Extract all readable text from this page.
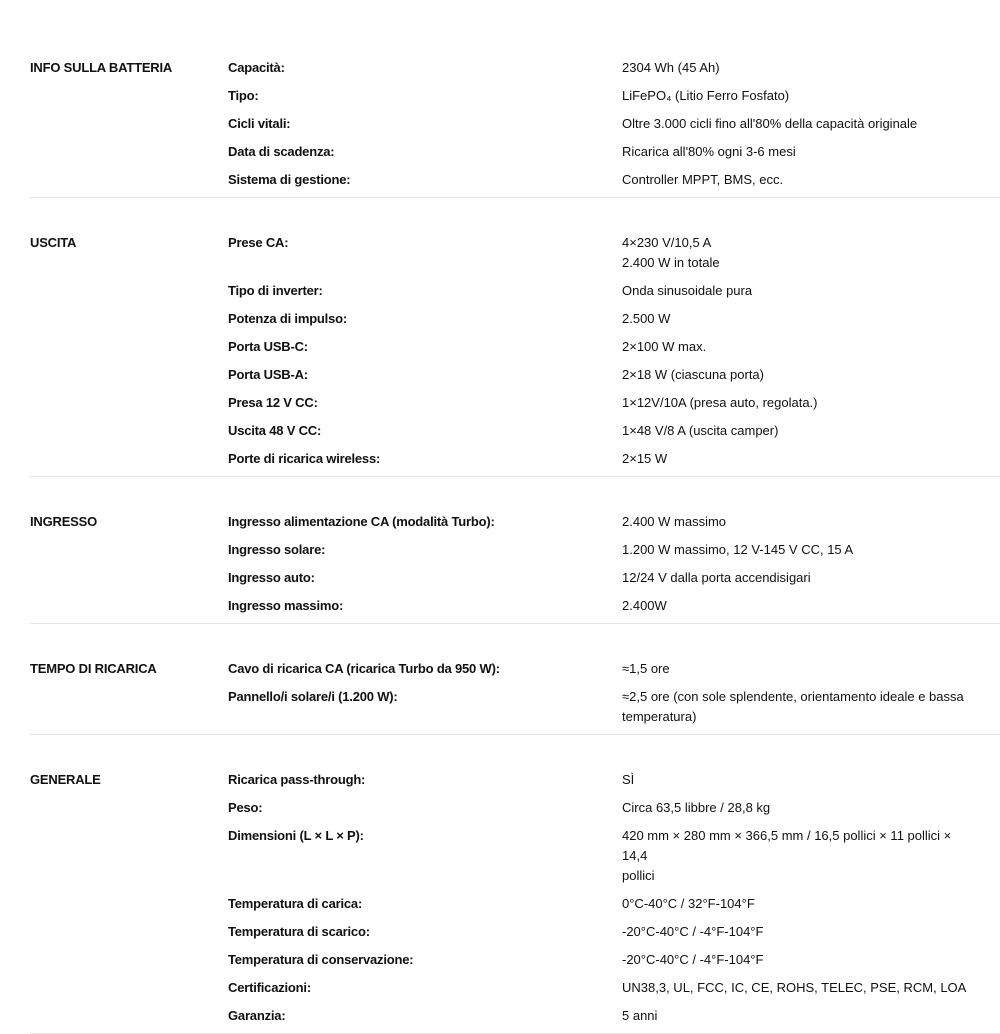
INFO SULLA BATTERIA	Capacità:	2304 Wh (45 Ah)
Tipo:	LiFePO₄ (Litio Ferro Fosfato)
Cicli vitali:	Oltre 3.000 cicli fino all'80% della capacità originale
Data di scadenza:	Ricarica all'80% ogni 3-6 mesi
Sistema di gestione:	Controller MPPT, BMS, ecc.
USCITA	Prese CA:	4×230 V/10,5 A
2.400 W in totale
Tipo di inverter:	Onda sinusoidale pura
Potenza di impulso:	2.500 W
Porta USB-C:	2×100 W max.
Porta USB-A:	2×18 W (ciascuna porta)
Presa 12 V CC:	1×12V/10A (presa auto, regolata.)
Uscita 48 V CC:	1×48 V/8 A (uscita camper)
Porte di ricarica wireless:	2×15 W
INGRESSO	Ingresso alimentazione CA (modalità Turbo):	2.400 W massimo
Ingresso solare:	1.200 W massimo, 12 V-145 V CC, 15 A
Ingresso auto:	12/24 V dalla porta accendisigari
Ingresso massimo:	2.400W
TEMPO DI RICARICA	Cavo di ricarica CA (ricarica Turbo da 950 W):	≈1,5 ore
Pannello/i solare/i (1.200 W):	≈2,5 ore (con sole splendente, orientamento ideale e bassa
temperatura)
GENERALE	Ricarica pass-through:	SÌ
Peso:	Circa 63,5 libbre / 28,8 kg
Dimensioni (L × L × P):	420 mm × 280 mm × 366,5 mm / 16,5 pollici × 11 pollici × 14,4
pollici
Temperatura di carica:	0°C-40°C / 32°F-104°F
Temperatura di scarico:	-20°C-40°C / -4°F-104°F
Temperatura di conservazione:	-20°C-40°C / -4°F-104°F
Certificazioni:	UN38,3, UL, FCC, IC, CE, ROHS, TELEC, PSE, RCM, LOA
Garanzia:	5 anni
